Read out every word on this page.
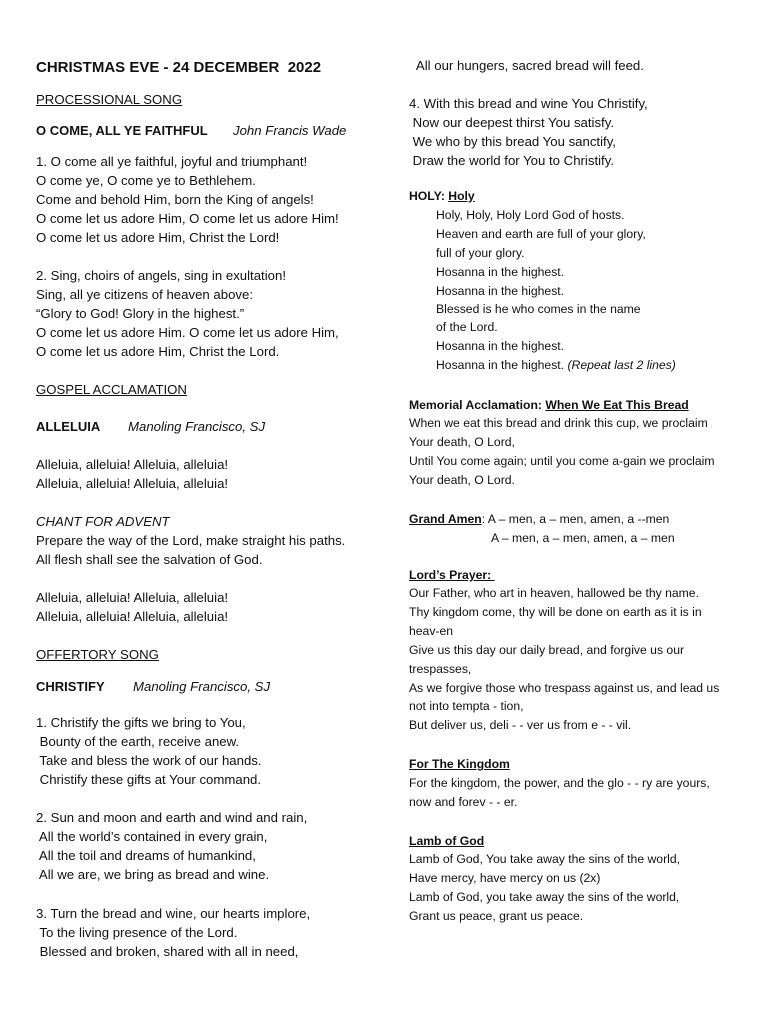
CHRISTMAS EVE - 24 DECEMBER  2022
PROCESSIONAL SONG
O COME, ALL YE FAITHFUL John Francis Wade
1. O come all ye faithful, joyful and triumphant!
O come ye, O come ye to Bethlehem.
Come and behold Him, born the King of angels!
O come let us adore Him, O come let us adore Him!
O come let us adore Him, Christ the Lord!
2. Sing, choirs of angels, sing in exultation!
Sing, all ye citizens of heaven above:
“Glory to God! Glory in the highest.”
O come let us adore Him. O come let us adore Him,
O come let us adore Him, Christ the Lord.
GOSPEL ACCLAMATION
ALLELUIA Manoling Francisco, SJ
Alleluia, alleluia! Alleluia, alleluia!
Alleluia, alleluia! Alleluia, alleluia!
CHANT FOR ADVENT
Prepare the way of the Lord, make straight his paths.
All flesh shall see the salvation of God.
Alleluia, alleluia! Alleluia, alleluia!
Alleluia, alleluia! Alleluia, alleluia!
OFFERTORY SONG
CHRISTIFY Manoling Francisco, SJ
1. Christify the gifts we bring to You,
Bounty of the earth, receive anew.
Take and bless the work of our hands.
Christify these gifts at Your command.
2. Sun and moon and earth and wind and rain,
All the world’s contained in every grain,
All the toil and dreams of humankind,
All we are, we bring as bread and wine.
3. Turn the bread and wine, our hearts implore,
To the living presence of the Lord.
Blessed and broken, shared with all in need,
All our hungers, sacred bread will feed.
4. With this bread and wine You Christify,
Now our deepest thirst You satisfy.
We who by this bread You sanctify,
Draw the world for You to Christify.
HOLY: Holy
Holy, Holy, Holy Lord God of hosts.
Heaven and earth are full of your glory,
full of your glory.
Hosanna in the highest.
Hosanna in the highest.
Blessed is he who comes in the name
of the Lord.
Hosanna in the highest.
Hosanna in the highest. (Repeat last 2 lines)
Memorial Acclamation: When We Eat This Bread
When we eat this bread and drink this cup, we proclaim
Your death, O Lord,
Until You come again; until you come a-gain we proclaim
Your death, O Lord.
Grand Amen: A – men, a – men, amen, a --men
A – men, a – men, amen, a – men
Lord’s Prayer:
Our Father, who art in heaven, hallowed be thy name.
Thy kingdom come, thy will be done on earth as it is in
heav-en
Give us this day our daily bread, and forgive us our
trespasses,
As we forgive those who trespass against us, and lead us
not into tempta - tion,
But deliver us, deli - - ver us from e - - vil.
For The Kingdom
For the kingdom, the power, and the glo - - ry are yours,
now and forev - - er.
Lamb of God
Lamb of God, You take away the sins of the world,
Have mercy, have mercy on us (2x)
Lamb of God, you take away the sins of the world,
Grant us peace, grant us peace.
